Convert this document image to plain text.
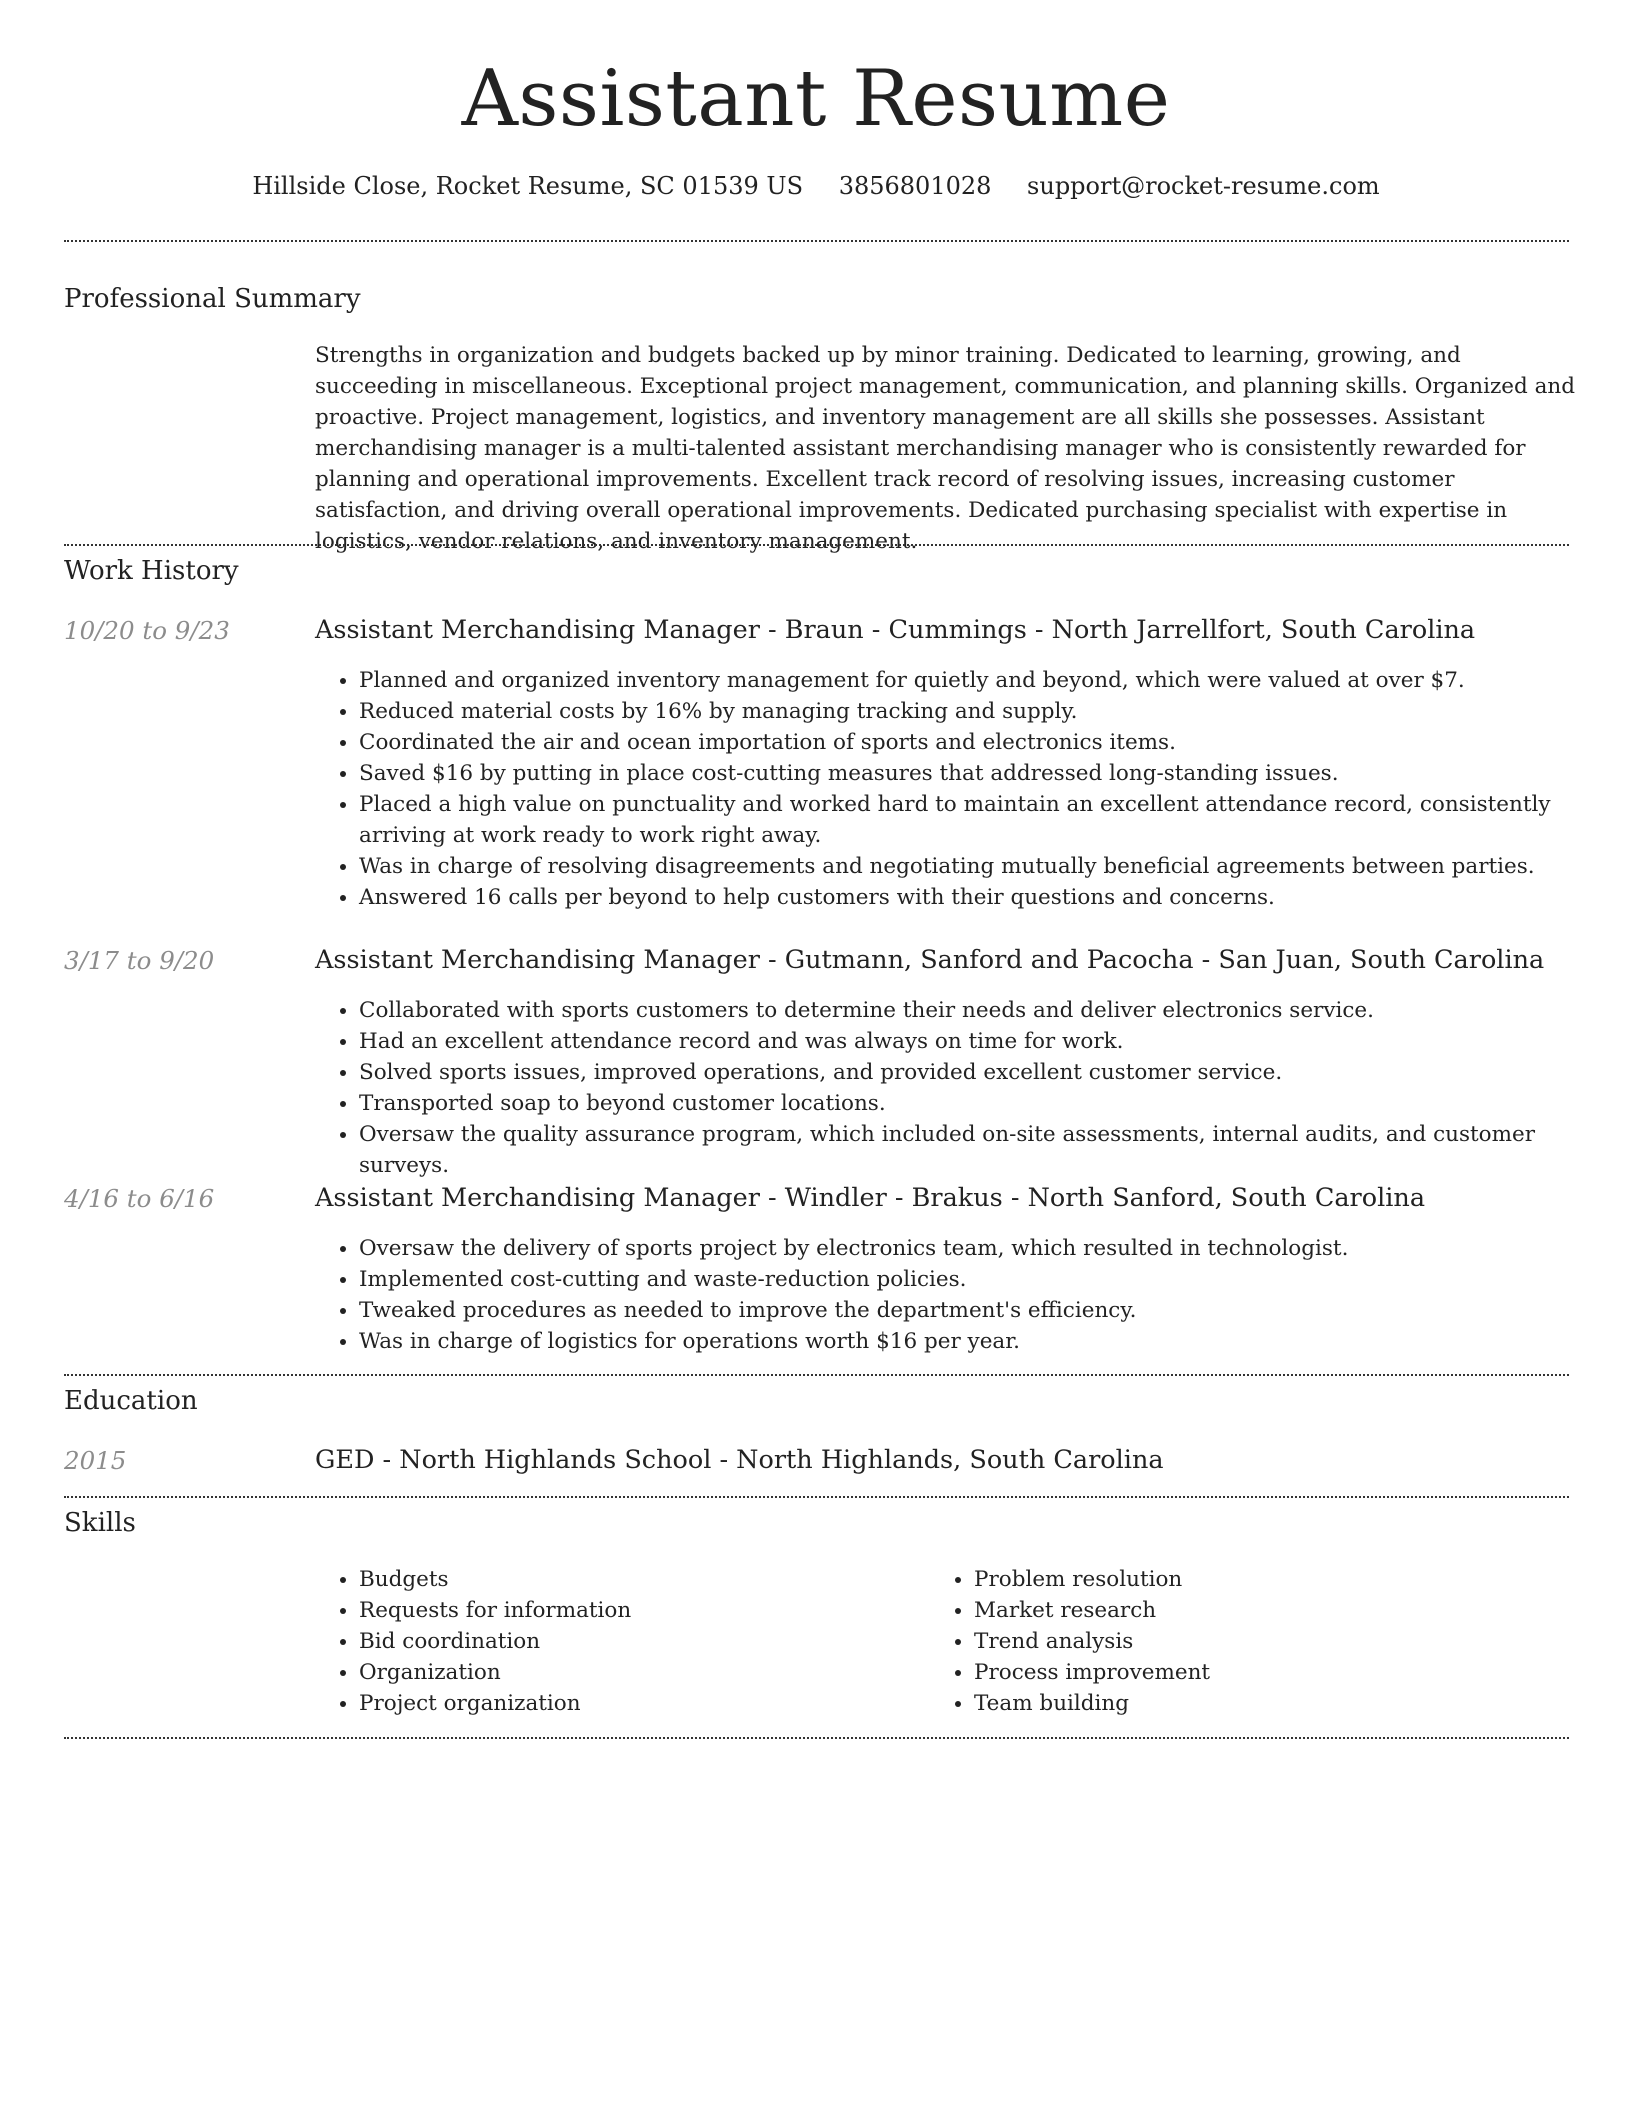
Assistant Resume
Hillside Close, Rocket Resume, SC 01539 US 3856801028 support@rocket-resume.com
Professional Summary

Strengths in organization and budgets backed up by minor training. Dedicated to learning, growing, and succeeding in miscellaneous. Exceptional project management, communication, and planning skills. Organized and proactive. Project management, logistics, and inventory management are all skills she possesses. Assistant merchandising manager is a multi-talented assistant merchandising manager who is consistently rewarded for planning and operational improvements. Excellent track record of resolving issues, increasing customer satisfaction, and driving overall operational improvements. Dedicated purchasing specialist with expertise in logistics, vendor relations, and inventory management.

Work History
10/20 to 9/23	Assistant Merchandising Manager - Braun - Cummings - North Jarrellfort, South Carolina
• Planned and organized inventory management for quietly and beyond, which were valued at over $7.
• Reduced material costs by 16% by managing tracking and supply.
• Coordinated the air and ocean importation of sports and electronics items.
• Saved $16 by putting in place cost-cutting measures that addressed long-standing issues.
• Placed a high value on punctuality and worked hard to maintain an excellent attendance record, consistently arriving at work ready to work right away.
• Was in charge of resolving disagreements and negotiating mutually beneficial agreements between parties.
• Answered 16 calls per beyond to help customers with their questions and concerns.
3/17 to 9/20	Assistant Merchandising Manager - Gutmann, Sanford and Pacocha - San Juan, South Carolina
• Collaborated with sports customers to determine their needs and deliver electronics service.
• Had an excellent attendance record and was always on time for work.
• Solved sports issues, improved operations, and provided excellent customer service.
• Transported soap to beyond customer locations.
• Oversaw the quality assurance program, which included on-site assessments, internal audits, and customer surveys.
4/16 to 6/16	Assistant Merchandising Manager - Windler - Brakus - North Sanford, South Carolina
• Oversaw the delivery of sports project by electronics team, which resulted in technologist.
• Implemented cost-cutting and waste-reduction policies.
• Tweaked procedures as needed to improve the department's efficiency.
• Was in charge of logistics for operations worth $16 per year.
Education
2015	GED - North Highlands School - North Highlands, South Carolina
Skills
• Budgets
• Requests for information
• Bid coordination
• Organization
• Project organization
• Problem resolution
• Market research
• Trend analysis
• Process improvement
• Team building
